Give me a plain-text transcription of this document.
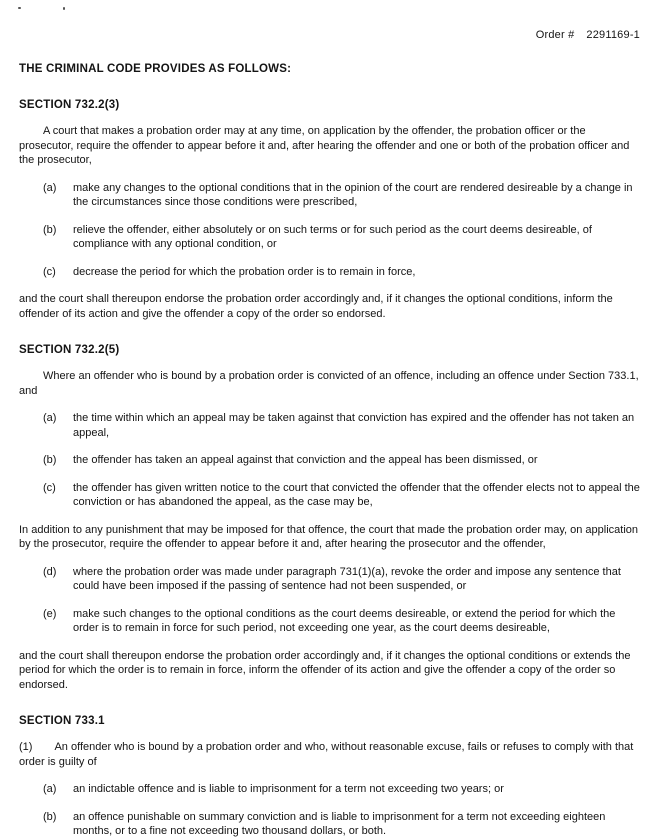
Order # 2291169-1
THE CRIMINAL CODE PROVIDES AS FOLLOWS:
SECTION 732.2(3)

A court that makes a probation order may at any time, on application by the offender, the probation officer or the prosecutor, require the offender to appear before it and, after hearing the offender and one or both of the probation officer and the prosecutor,

(a)	make any changes to the optional conditions that in the opinion of the court are rendered desireable by a change in the circumstances since those conditions were prescribed,
(b)	relieve the offender, either absolutely or on such terms or for such period as the court deems desireable, of compliance with any optional condition, or
(c)	decrease the period for which the probation order is to remain in force,

and the court shall thereupon endorse the probation order accordingly and, if it changes the optional conditions, inform the offender of its action and give the offender a copy of the order so endorsed.

SECTION 732.2(5)

Where an offender who is bound by a probation order is convicted of an offence, including an offence under Section 733.1, and

(a)	the time within which an appeal may be taken against that conviction has expired and the offender has not taken an appeal,
(b)	the offender has taken an appeal against that conviction and the appeal has been dismissed, or
(c)	the offender has given written notice to the court that convicted the offender that the offender elects not to appeal the conviction or has abandoned the appeal, as the case may be,

In addition to any punishment that may be imposed for that offence, the court that made the probation order may, on application by the prosecutor, require the offender to appear before it and, after hearing the prosecutor and the offender,

(d)	where the probation order was made under paragraph 731(1)(a), revoke the order and impose any sentence that could have been imposed if the passing of sentence had not been suspended, or
(e)	make such changes to the optional conditions as the court deems desireable, or extend the period for which the order is to remain in force for such period, not exceeding one year, as the court deems desireable,

and the court shall thereupon endorse the probation order accordingly and, if it changes the optional conditions or extends the period for which the order is to remain in force, inform the offender of its action and give the offender a copy of the order so endorsed.

SECTION 733.1

(1) An offender who is bound by a probation order and who, without reasonable excuse, fails or refuses to comply with that order is guilty of

(a)	an indictable offence and is liable to imprisonment for a term not exceeding two years; or
(b)	an offence punishable on summary conviction and is liable to imprisonment for a term not exceeding eighteen months, or to a fine not exceeding two thousand dollars, or both.
